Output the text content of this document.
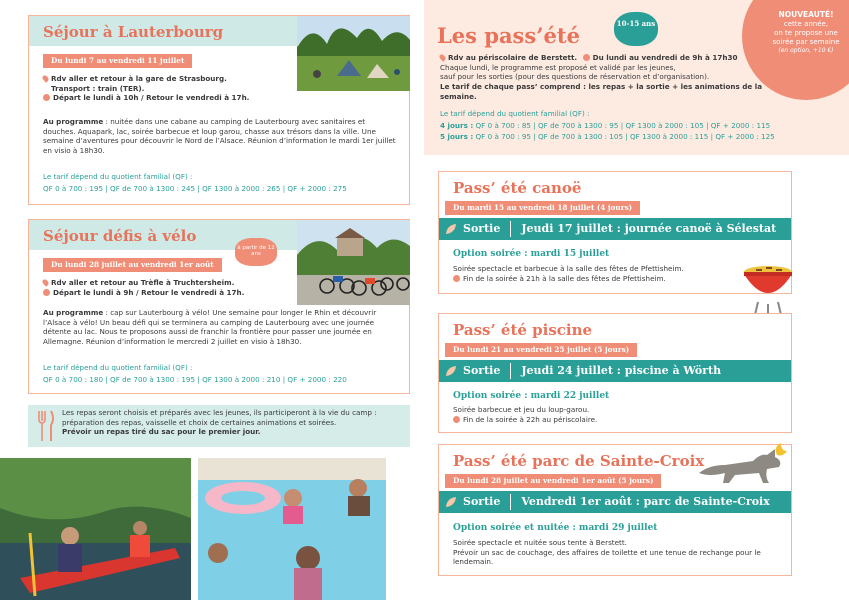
Séjour à Lauterbourg
Du lundi 7 au vendredi 11 juillet

Rdv aller et retour à la gare de Strasbourg.

Transport : train (TER).

Départ le lundi à 10h / Retour le vendredi à 17h.

Au programme : nuitée dans une cabane au camping de Lauterbourg avec sanitaires et douches. Aquapark, lac, soirée barbecue et loup garou, chasse aux trésors dans la ville. Une semaine d’aventures pour découvrir le Nord de l’Alsace. Réunion d’information le mardi 1er juillet en visio à 18h30.

Le tarif dépend du quotient familial (QF) :
QF 0 à 700 : 195 | QF de 700 à 1300 : 245 | QF 1300 à 2000 : 265 | QF + 2000 : 275
Séjour défis à vélo
à partir de 12 ans
Du lundi 28 juillet au vendredi 1er août

Rdv aller et retour au Trèfle à Truchtersheim.

Départ le lundi à 9h / Retour le vendredi à 17h.

Au programme : cap sur Lauterbourg à vélo! Une semaine pour longer le Rhin et découvrir l’Alsace à vélo! Un beau défi qui se terminera au camping de Lauterbourg avec une journée détente au lac. Nous te proposons aussi de franchir la frontière pour passer une journée en Allemagne. Réunion d’information le mercredi 2 juillet en visio à 18h30.

Le tarif dépend du quotient familial (QF) :
QF 0 à 700 : 180 | QF de 700 à 1300 : 195 | QF 1300 à 2000 : 210 | QF + 2000 : 220

Les repas seront choisis et préparés avec les jeunes, ils participeront à la vie du camp : préparation des repas, vaisselle et choix de certaines animations et soirées.

Prévoir un repas tiré du sac pour le premier jour.

Les pass’été	10-15 ans

Rdv au périscolaire de Berstett. Du lundi au vendredi de 9h à 17h30

Chaque lundi, le programme est proposé et validé par les jeunes,

sauf pour les sorties (pour des questions de réservation et d’organisation).

Le tarif de chaque pass’ comprend : les repas + la sortie + les animations de la semaine.

Le tarif dépend du quotient familial (QF) :
4 jours : QF 0 à 700 : 85 | QF de 700 à 1300 : 95 | QF 1300 à 2000 : 105 | QF + 2000 : 115
5 jours : QF 0 à 700 : 95 | QF de 700 à 1300 : 105 | QF 1300 à 2000 : 115 | QF + 2000 : 125

NOUVEAUTÉ!

cette année,

on te propose une

soirée par semaine

(en option, +10 €)

Pass’ été canoë
Du mardi 15 au vendredi 18 juillet (4 jours)
Sortie	Jeudi 17 juillet : journée canoë à Sélestat
Option soirée : mardi 15 juillet

Soirée spectacle et barbecue à la salle des fêtes de Pfettisheim.

Fin de la soirée à 21h à la salle des fêtes de Pfettisheim.

Pass’ été piscine
Du lundi 21 au vendredi 25 juillet (5 jours)
Sortie	Jeudi 24 juillet : piscine à Wörth
Option soirée : mardi 22 juillet

Soirée barbecue et jeu du loup-garou.

Fin de la soirée à 22h au périscolaire.

Pass’ été parc de Sainte-Croix
Du lundi 28 juillet au vendredi 1er août (5 jours)
Sortie	Vendredi 1er août : parc de Sainte-Croix
Option soirée et nuitée : mardi 29 juillet

Soirée spectacle et nuitée sous tente à Berstett.

Prévoir un sac de couchage, des affaires de toilette et une tenue de rechange pour le lendemain.
